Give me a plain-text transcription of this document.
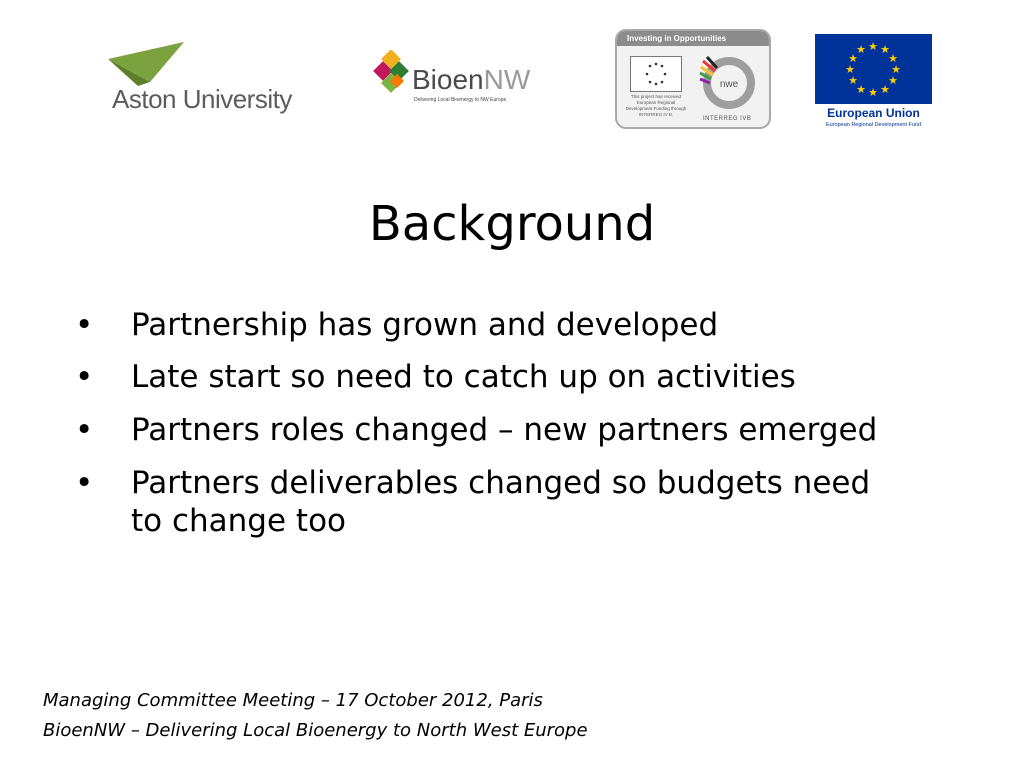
Aston University
BioenNW
Delivering Local Bioenergy to NW Europe
Investing in Opportunities
This project has received European Regional Development Funding through INTERREG IV B.
nwe
INTERREG IVB
★ ★
★
★
★
★
★
★
★
★
★
★
European Union
European Regional Development Fund
Background
• Partnership has grown and developed
• Late start so need to catch up on activities
• Partners roles changed – new partners emerged
• Partners deliverables changed so budgets need to change too
Managing Committee Meeting – 17 October 2012, Paris
BioenNW – Delivering Local Bioenergy to North West Europe
